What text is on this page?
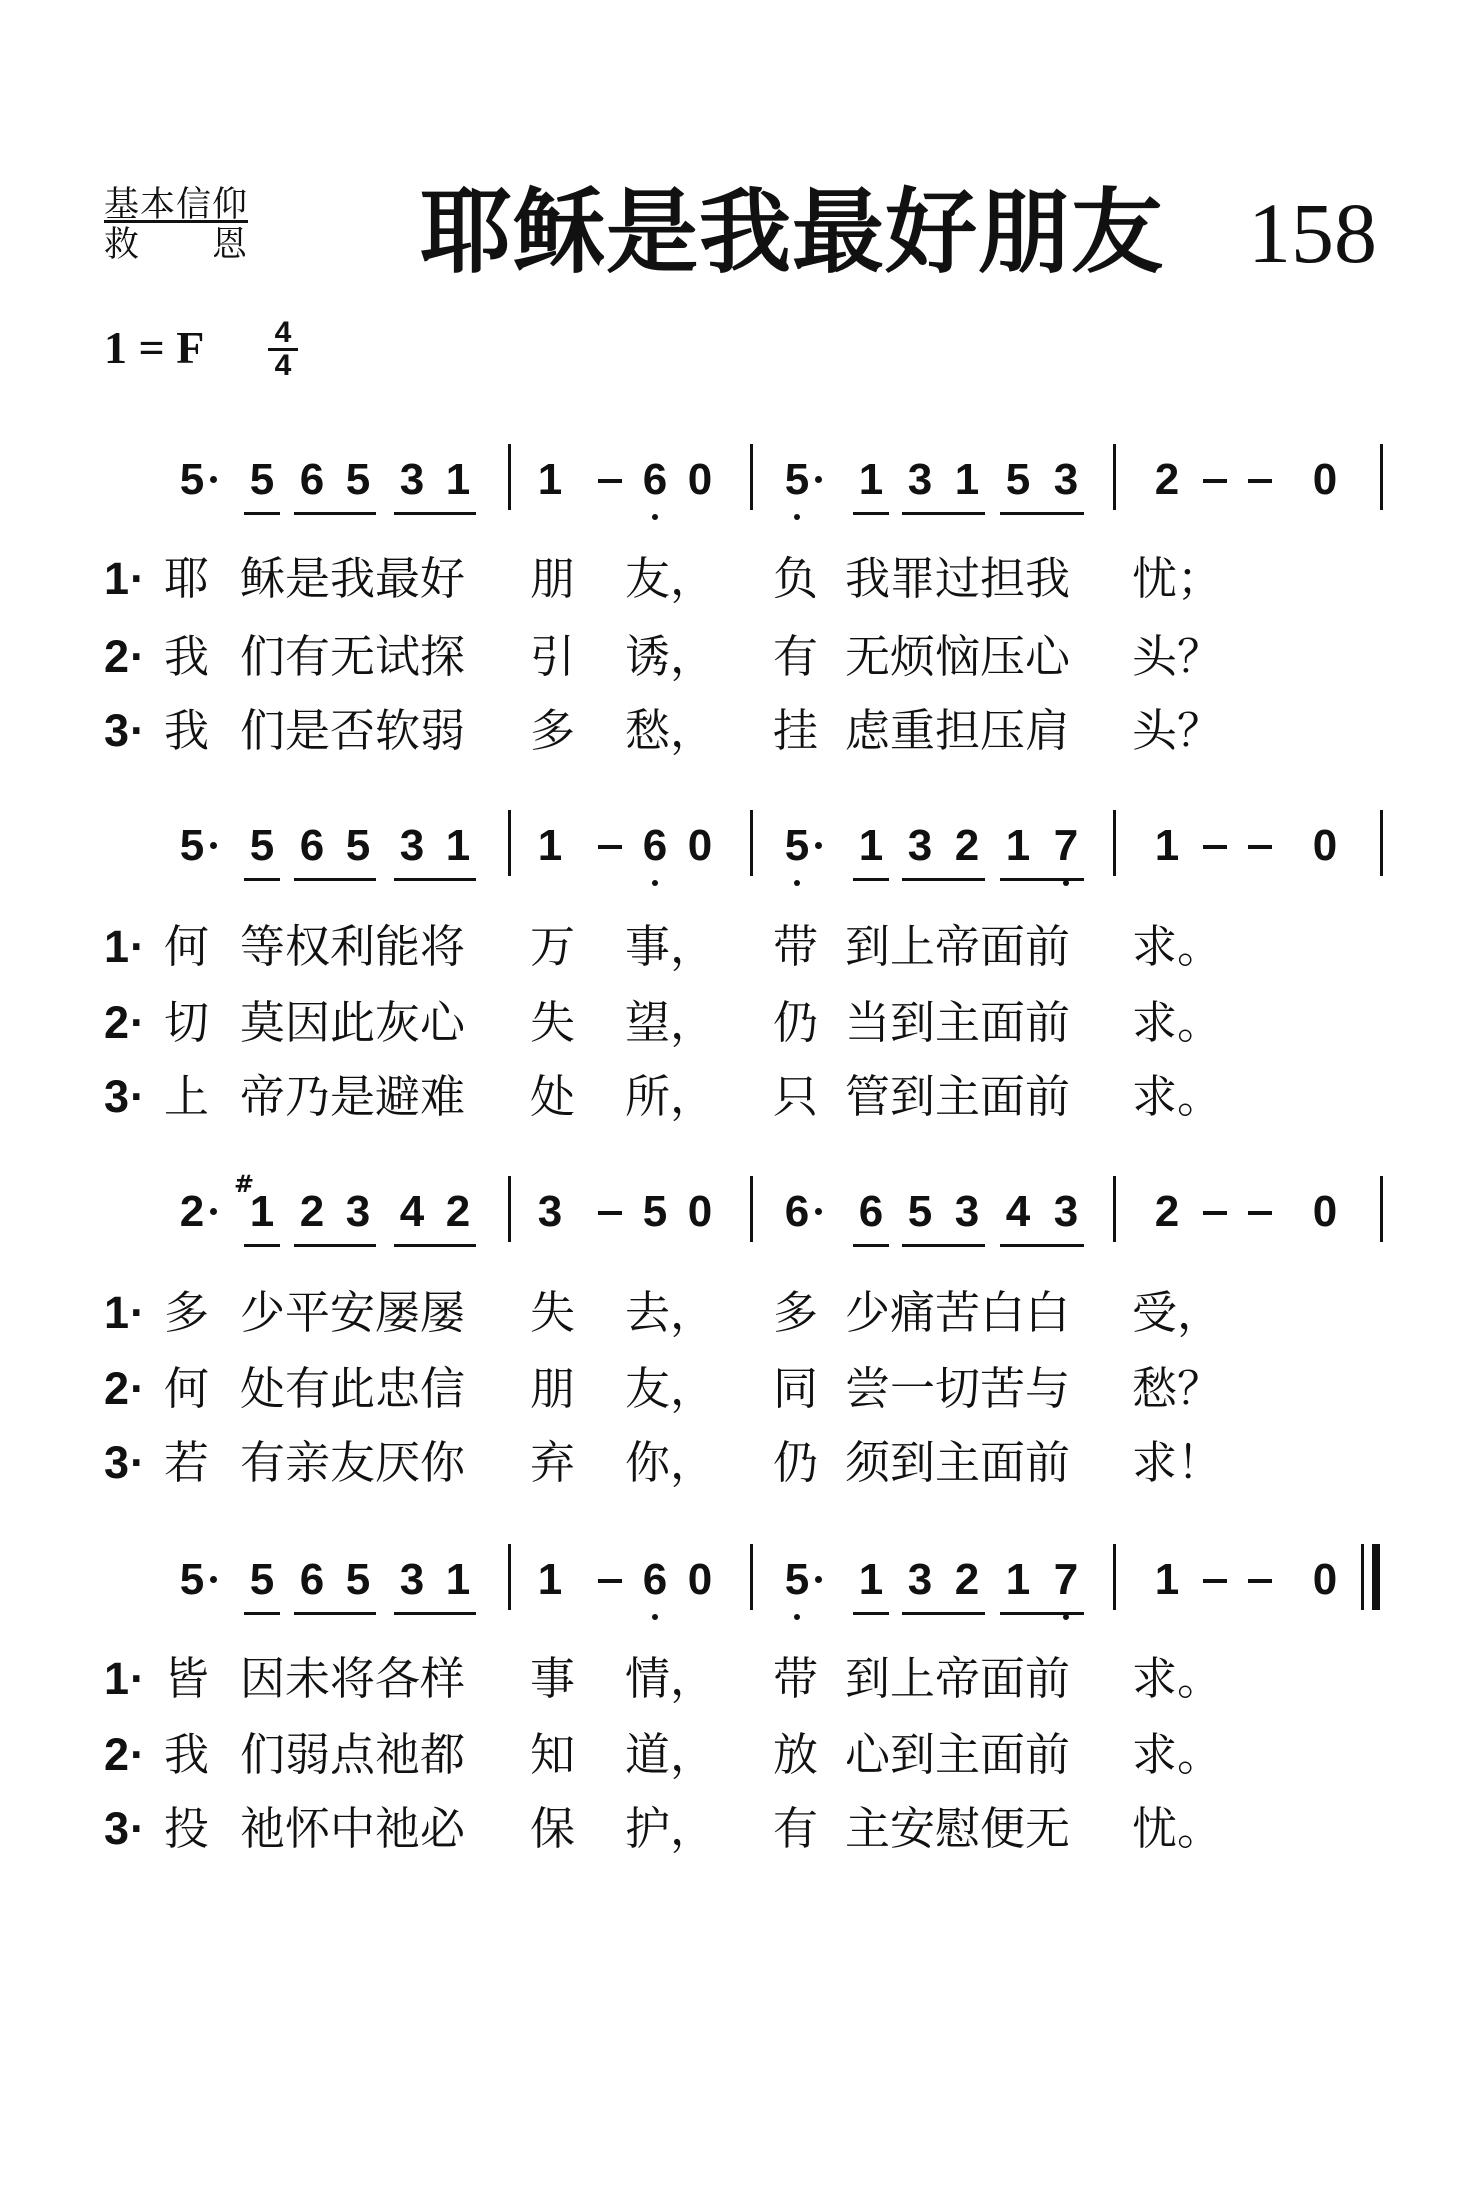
基本信仰
救　　恩 耶稣是我最好朋友 158
1 = F 4
4
5 5 6 5 3 1 1 6 0 5 1 3 1 5 3 2	0
1 · 耶 稣是我最好 朋 友， 负 我罪过担我 忧；
2 · 我 们有无试探 引 诱， 有 无烦恼压心 头？
3 · 我 们是否软弱 多 愁， 挂 虑重担压肩 头？
5 5 6 5 3 1 1 6 0 5 1 3 2 1 7 1	0
1 · 何 等权利能将 万 事， 带 到上帝面前 求。
2 · 切 莫因此灰心 失 望， 仍 当到主面前 求。
3 · 上 帝乃是避难 处 所， 只 管到主面前 求。
2 1 2 3 4 2 3 5 0 6 6 5 3 4 3 2	0
#
1 · 多 少平安屡屡 失 去， 多 少痛苦白白 受，
2 · 何 处有此忠信 朋 友， 同 尝一切苦与 愁？
3 · 若 有亲友厌你 弃 你， 仍 须到主面前 求！
5 5 6 5 3 1 1 6 0 5 1 3 2 1 7 1	0
1 · 皆 因未将各样 事 情， 带 到上帝面前 求。
2 · 我 们弱点祂都 知 道， 放 心到主面前 求。
3 · 投 祂怀中祂必 保 护， 有 主安慰便无 忧。
